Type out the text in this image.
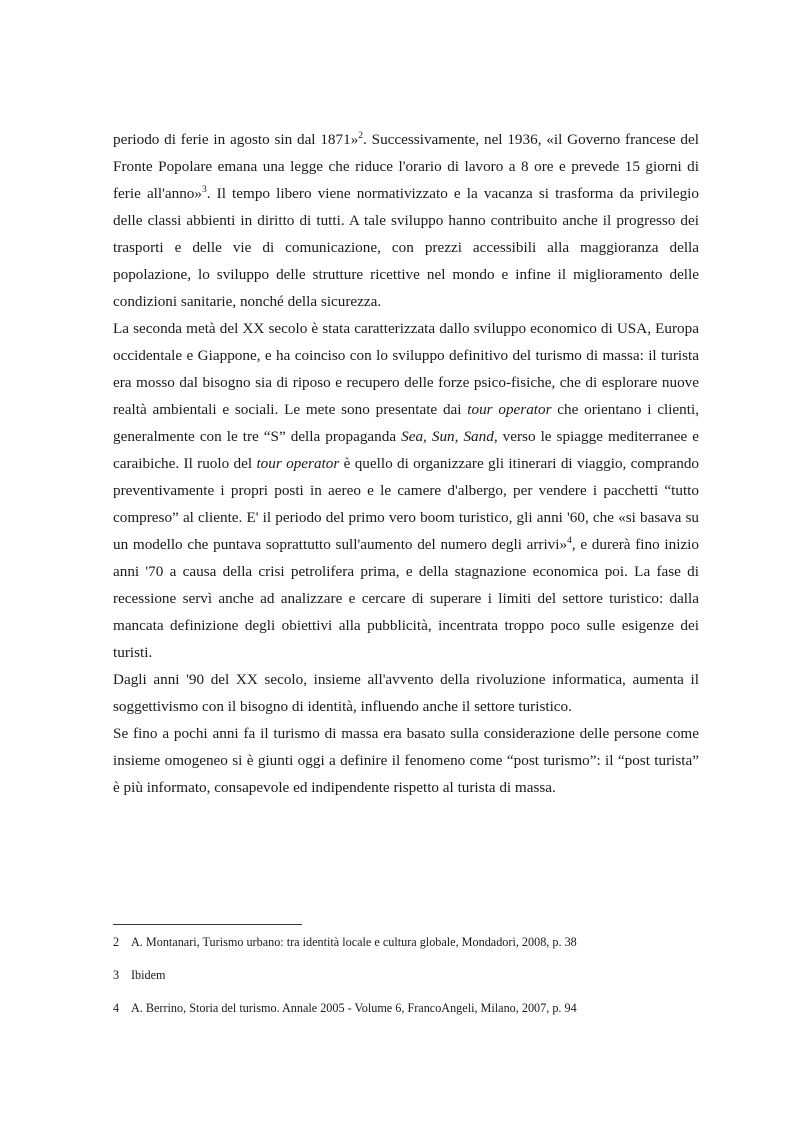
periodo di ferie in agosto sin dal 1871»$^2$. Successivamente, nel 1936, «il Governo francese del Fronte Popolare emana una legge che riduce l'orario di lavoro a 8 ore e prevede 15 giorni di ferie all'anno»$^3$. Il tempo libero viene normativizzato e la vacanza si trasforma da privilegio delle classi abbienti in diritto di tutti. A tale sviluppo hanno contribuito anche il progresso dei trasporti e delle vie di comunicazione, con prezzi accessibili alla maggioranza della popolazione, lo sviluppo delle strutture ricettive nel mondo e infine il miglioramento delle condizioni sanitarie, nonché della sicurezza.

La seconda metà del XX secolo è stata caratterizzata dallo sviluppo economico di USA, Europa occidentale e Giappone, e ha coinciso con lo sviluppo definitivo del turismo di massa: il turista era mosso dal bisogno sia di riposo e recupero delle forze psico-fisiche, che di esplorare nuove realtà ambientali e sociali. Le mete sono presentate dai tour operator che orientano i clienti, generalmente con le tre “S” della propaganda Sea, Sun, Sand, verso le spiagge mediterranee e caraibiche. Il ruolo del tour operator è quello di organizzare gli itinerari di viaggio, comprando preventivamente i propri posti in aereo e le camere d'albergo, per vendere i pacchetti “tutto compreso” al cliente. E' il periodo del primo vero boom turistico, gli anni '60, che «si basava su un modello che puntava soprattutto sull'aumento del numero degli arrivi»$^4$, e durerà fino inizio anni '70 a causa della crisi petrolifera prima, e della stagnazione economica poi. La fase di recessione servì anche ad analizzare e cercare di superare i limiti del settore turistico: dalla mancata definizione degli obiettivi alla pubblicità, incentrata troppo poco sulle esigenze dei turisti.

Dagli anni '90 del XX secolo, insieme all'avvento della rivoluzione informatica, aumenta il soggettivismo con il bisogno di identità, influendo anche il settore turistico.

Se fino a pochi anni fa il turismo di massa era basato sulla considerazione delle persone come insieme omogeneo si è giunti oggi a definire il fenomeno come “post turismo”: il “post turista” è più informato, consapevole ed indipendente rispetto al turista di massa.

2 A. Montanari, Turismo urbano: tra identità locale e cultura globale, Mondadori, 2008, p. 38
3 Ibidem
4 A. Berrino, Storia del turismo. Annale 2005 - Volume 6, FrancoAngeli, Milano, 2007, p. 94
